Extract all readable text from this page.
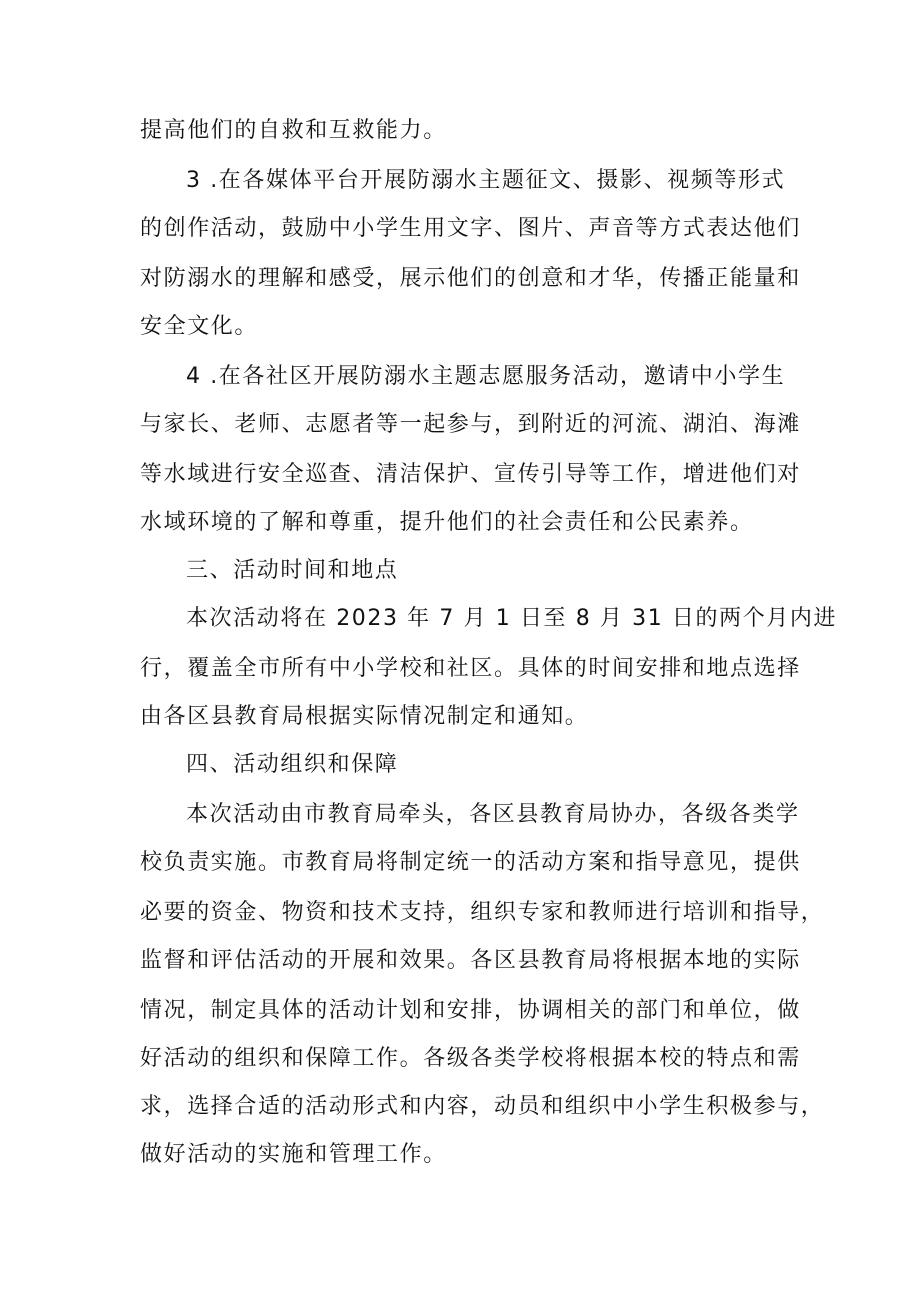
提高他们的自救和互救能力。
3 .在各媒体平台开展防溺水主题征文、摄影、视频等形式
的创作活动，鼓励中小学生用文字、图片、声音等方式表达他们
对防溺水的理解和感受，展示他们的创意和才华，传播正能量和
安全文化。
4 .在各社区开展防溺水主题志愿服务活动，邀请中小学生
与家长、老师、志愿者等一起参与，到附近的河流、湖泊、海滩
等水域进行安全巡查、清洁保护、宣传引导等工作，增进他们对
水域环境的了解和尊重，提升他们的社会责任和公民素养。
三、活动时间和地点
本次活动将在 2023 年 7 月 1 日至 8 月 31 日的两个月内进
行，覆盖全市所有中小学校和社区。具体的时间安排和地点选择
由各区县教育局根据实际情况制定和通知。
四、活动组织和保障
本次活动由市教育局牵头，各区县教育局协办，各级各类学
校负责实施。市教育局将制定统一的活动方案和指导意见，提供
必要的资金、物资和技术支持，组织专家和教师进行培训和指导，
监督和评估活动的开展和效果。各区县教育局将根据本地的实际
情况，制定具体的活动计划和安排，协调相关的部门和单位，做
好活动的组织和保障工作。各级各类学校将根据本校的特点和需
求，选择合适的活动形式和内容，动员和组织中小学生积极参与，
做好活动的实施和管理工作。
